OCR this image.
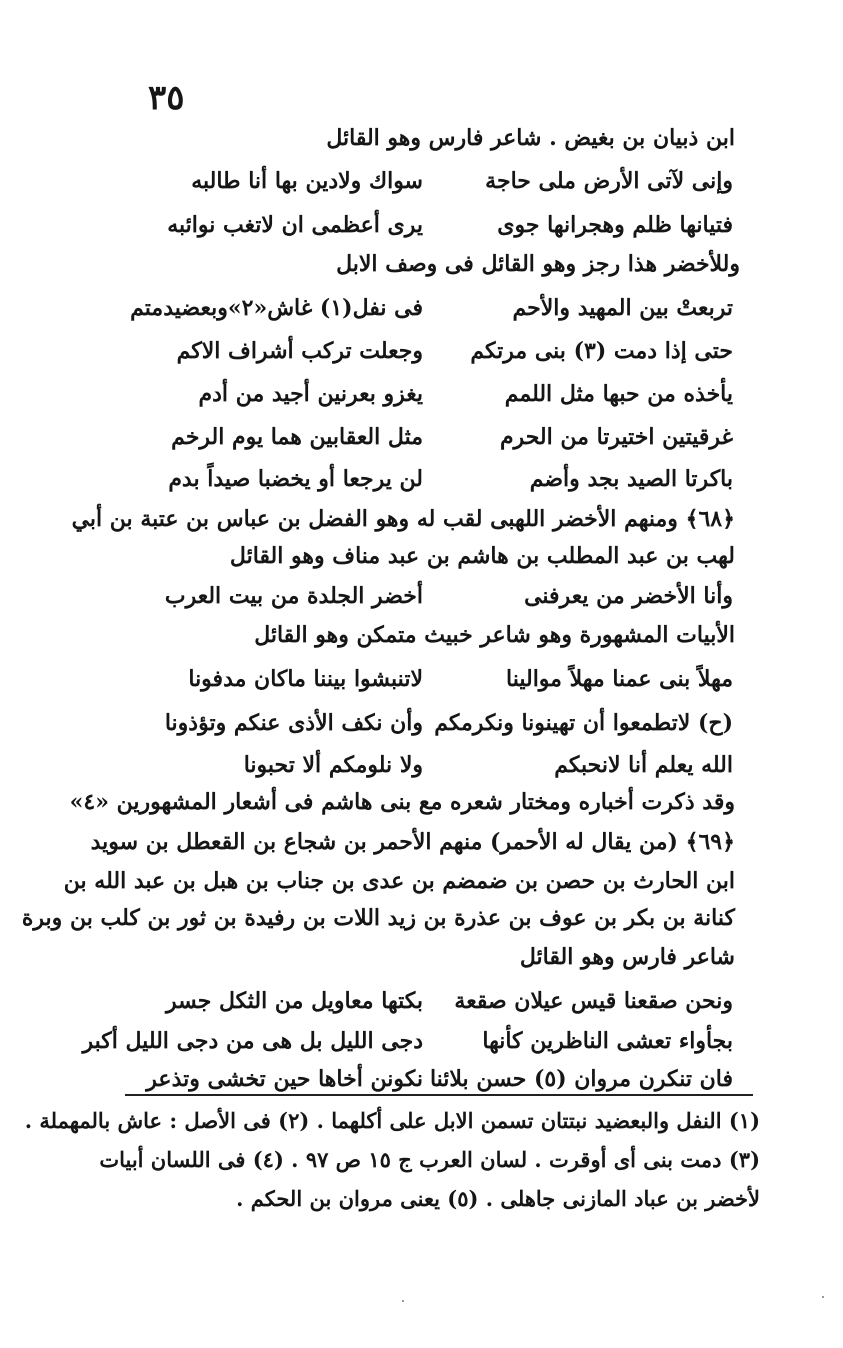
٣٥
ابن ذبيان بن بغيض . شاعر فارس وهو القائل
وإنى لآتى الأرض ملى حاجة
سواك ولادين بها أنا طالبه
فتيانها ظلم وهجرانها جوى
يرى أعظمى ان لاتغب نوائبه
وللأخضر هذا رجز وهو القائل فى وصف الابل
تربعتْ بين المهيد والأحم
فى نفل(١) غاش«٢»وبعضيدمتم
حتى إذا دمت (٣) بنى مرتكم
وجعلت تركب أشراف الاكم
يأخذه من حبها مثل اللمم
يغزو بعرنين أجيد من أدم
غرقيتين اختيرتا من الحرم
مثل العقابين هما يوم الرخم
باكرتا الصيد بجد وأضم
لن يرجعا أو يخضبا صيداً بدم
﴿٦٨﴾ ومنهم الأخضر اللهبى لقب له وهو الفضل بن عباس بن عتبة بن أبي
لهب بن عبد المطلب بن هاشم بن عبد مناف وهو القائل
وأنا الأخضر من يعرفنى
أخضر الجلدة من بيت العرب
الأبيات المشهورة وهو شاعر خبيث متمكن وهو القائل
مهلاً بنى عمنا مهلاً موالينا
لاتنبشوا بيننا ماكان مدفونا
(ح) لاتطمعوا أن تهينونا ونكرمكم
وأن نكف الأذى عنكم وتؤذونا
الله يعلم أنا لانحبكم
ولا نلومكم ألا تحبونا
وقد ذكرت أخباره ومختار شعره مع بنى هاشم فى أشعار المشهورين «٤»
﴿٦٩﴾ (من يقال له الأحمر) منهم الأحمر بن شجاع بن القعطل بن سويد
ابن الحارث بن حصن بن ضمضم بن عدى بن جناب بن هبل بن عبد الله بن
كنانة بن بكر بن عوف بن عذرة بن زيد اللات بن رفيدة بن ثور بن كلب بن وبرة
شاعر فارس وهو القائل
ونحن صقعنا قيس عيلان صقعة
بكتها معاويل من الثكل جسر
بجأواء تعشى الناظرين كأنها
دجى الليل بل هى من دجى الليل أكبر
فان تنكرن مروان (٥) حسن بلائنا
نكونن أخاها حين تخشى وتذعر
(١) النفل والبعضيد نبتتان تسمن الابل على أكلهما . (٢) فى الأصل : عاش بالمهملة .
(٣) دمت بنى أى أوقرت . لسان العرب ج ١٥ ص ٩٧ . (٤) فى اللسان أبيات
لأخضر بن عباد المازنى جاهلى . (٥) يعنى مروان بن الحكم .
